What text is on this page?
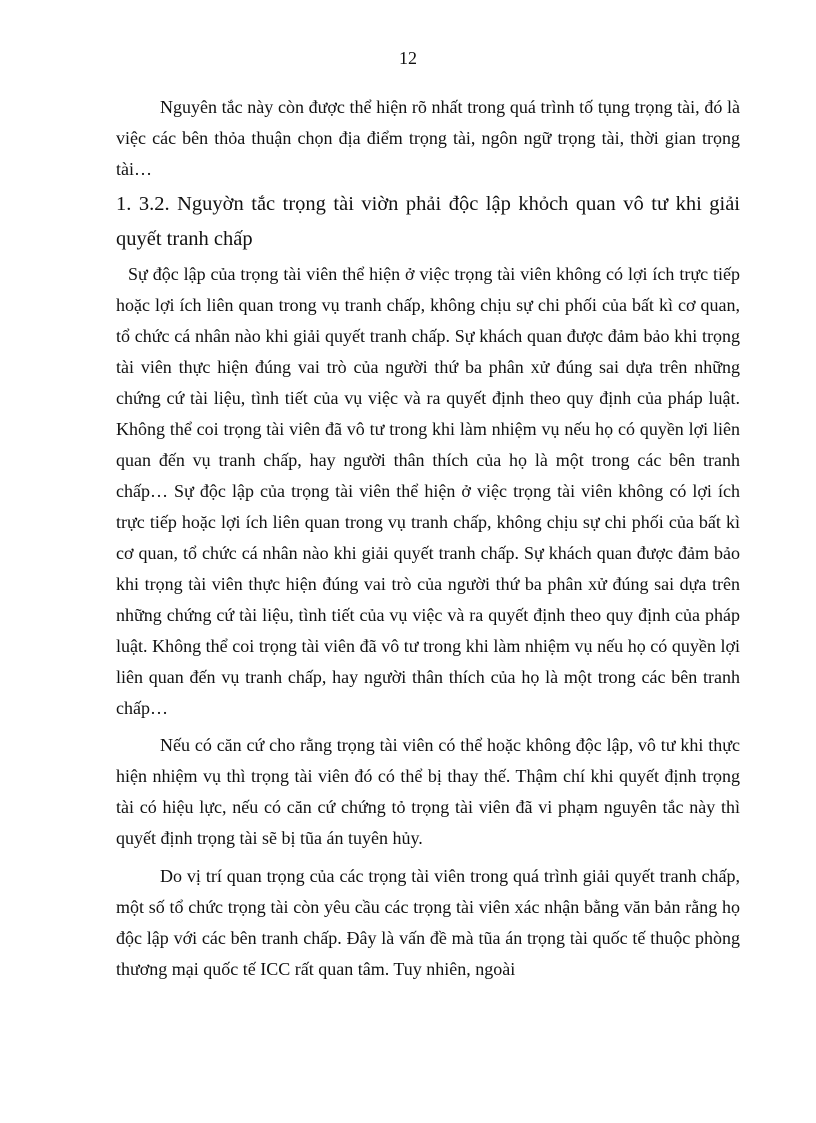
12

Nguyên tắc này còn được thể hiện rõ nhất trong quá trình tố tụng trọng tài, đó là việc các bên thỏa thuận chọn địa điểm trọng tài, ngôn ngữ trọng tài, thời gian trọng tài…

1. 3.2. Nguyờn tắc trọng tài viờn phải độc lập khỏch quan vô tư khi giải quyết tranh chấp

Sự độc lập của trọng tài viên thể hiện ở việc trọng tài viên không có lợi ích trực tiếp hoặc lợi ích liên quan trong vụ tranh chấp, không chịu sự chi phối của bất kì cơ quan, tổ chức cá nhân nào khi giải quyết tranh chấp. Sự khách quan được đảm bảo khi trọng tài viên thực hiện đúng vai trò của người thứ ba phân xử đúng sai dựa trên những chứng cứ tài liệu, tình tiết của vụ việc và ra quyết định theo quy định của pháp luật. Không thể coi trọng tài viên đã vô tư trong khi làm nhiệm vụ nếu họ có quyền lợi liên quan đến vụ tranh chấp, hay người thân thích của họ là một trong các bên tranh chấp… Sự độc lập của trọng tài viên thể hiện ở việc trọng tài viên không có lợi ích trực tiếp hoặc lợi ích liên quan trong vụ tranh chấp, không chịu sự chi phối của bất kì cơ quan, tổ chức cá nhân nào khi giải quyết tranh chấp. Sự khách quan được đảm bảo khi trọng tài viên thực hiện đúng vai trò của người thứ ba phân xử đúng sai dựa trên những chứng cứ tài liệu, tình tiết của vụ việc và ra quyết định theo quy định của pháp luật. Không thể coi trọng tài viên đã vô tư trong khi làm nhiệm vụ nếu họ có quyền lợi liên quan đến vụ tranh chấp, hay người thân thích của họ là một trong các bên tranh chấp…

Nếu có căn cứ cho rằng trọng tài viên có thể hoặc không độc lập, vô tư khi thực hiện nhiệm vụ thì trọng tài viên đó có thể bị thay thế. Thậm chí khi quyết định trọng tài có hiệu lực, nếu có căn cứ chứng tỏ trọng tài viên đã vi phạm nguyên tắc này thì quyết định trọng tài sẽ bị tũa án tuyên hủy.

Do vị trí quan trọng của các trọng tài viên trong quá trình giải quyết tranh chấp, một số tổ chức trọng tài còn yêu cầu các trọng tài viên xác nhận bằng văn bản rằng họ độc lập với các bên tranh chấp. Đây là vấn đề mà tũa án trọng tài quốc tế thuộc phòng thương mại quốc tế ICC rất quan tâm. Tuy nhiên, ngoài
